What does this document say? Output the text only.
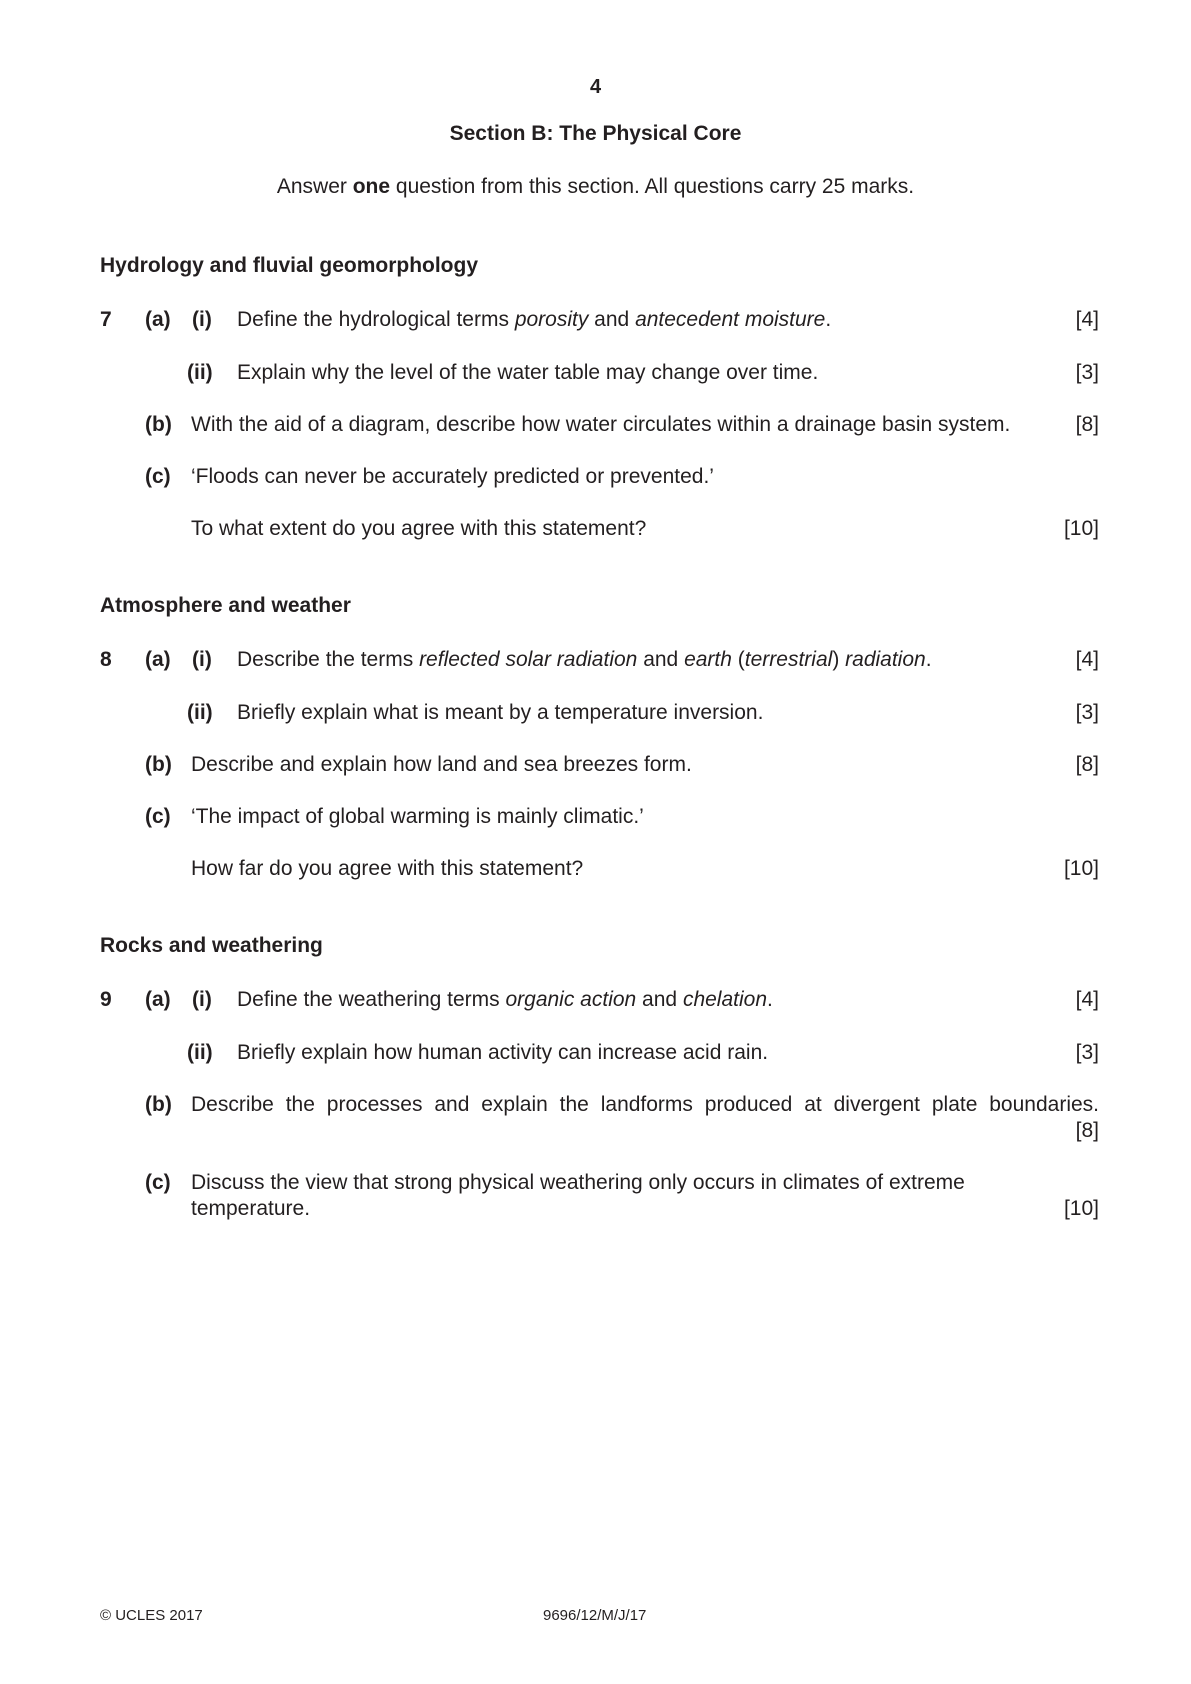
4
Section B: The Physical Core
Answer one question from this section. All questions carry 25 marks.
Hydrology and fluvial geomorphology
7 (a) (i) Define the hydrological terms porosity and antecedent moisture.	[4]
(ii) Explain why the level of the water table may change over time.	[3]
(b) With the aid of a diagram, describe how water circulates within a drainage basin system.	[8]
(c) ‘Floods can never be accurately predicted or prevented.’
To what extent do you agree with this statement?	[10]
Atmosphere and weather
8 (a) (i) Describe the terms reflected solar radiation and earth (terrestrial) radiation.	[4]
(ii) Briefly explain what is meant by a temperature inversion.	[3]
(b) Describe and explain how land and sea breezes form.	[8]
(c) ‘The impact of global warming is mainly climatic.’
How far do you agree with this statement?	[10]
Rocks and weathering
9 (a) (i) Define the weathering terms organic action and chelation.	[4]
(ii) Briefly explain how human activity can increase acid rain.	[3]
(b) Describe the processes and explain the landforms produced at divergent plate boundaries.
[8]
(c) Discuss the view that strong physical weathering only occurs in climates of extreme
temperature.	[10]
© UCLES 2017	9696/12/M/J/17
